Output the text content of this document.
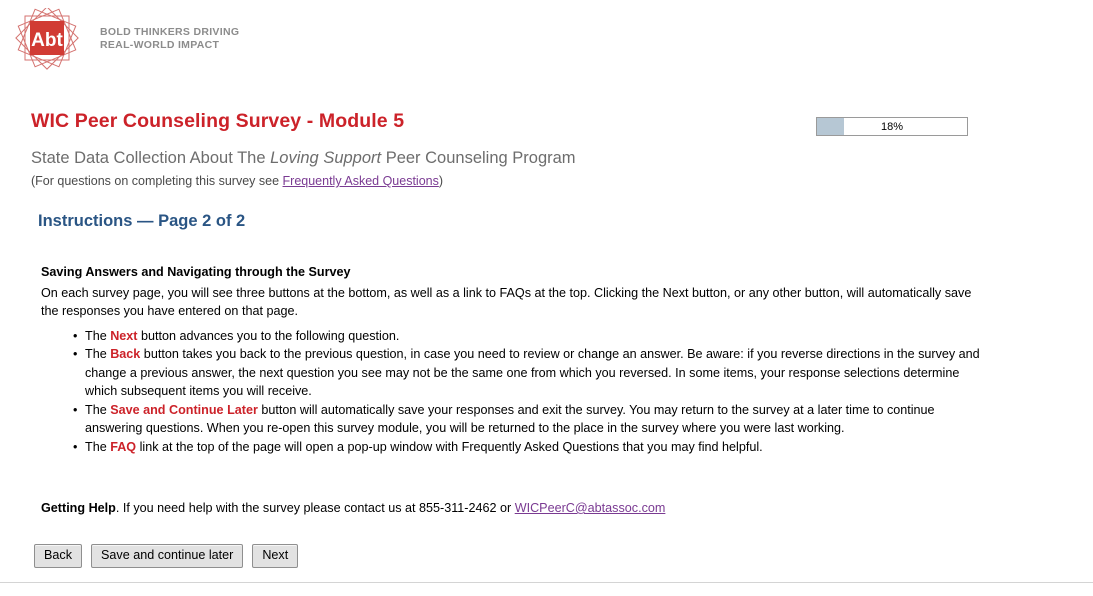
Abt	BOLD THINKERS DRIVING
REAL-WORLD IMPACT
WIC Peer Counseling Survey - Module 5
State Data Collection About The Loving Support Peer Counseling Program
(For questions on completing this survey see Frequently Asked Questions)
18%
Instructions — Page 2 of 2
Saving Answers and Navigating through the Survey

On each survey page, you will see three buttons at the bottom, as well as a link to FAQs at the top. Clicking the Next button, or any other button, will automatically save the responses you have entered on that page.

• The Next button advances you to the following question.
• The Back button takes you back to the previous question, in case you need to review or change an answer. Be aware: if you reverse directions in the survey and change a previous answer, the next question you see may not be the same one from which you reversed. In some items, your response selections determine which subsequent items you will receive.
• The Save and Continue Later button will automatically save your responses and exit the survey. You may return to the survey at a later time to continue answering questions. When you re-open this survey module, you will be returned to the place in the survey where you were last working.
• The FAQ link at the top of the page will open a pop-up window with Frequently Asked Questions that you may find helpful.
Getting Help. If you need help with the survey please contact us at 855-311-2462 or WICPeerC@abtassoc.com
Back	Save and continue later	Next
